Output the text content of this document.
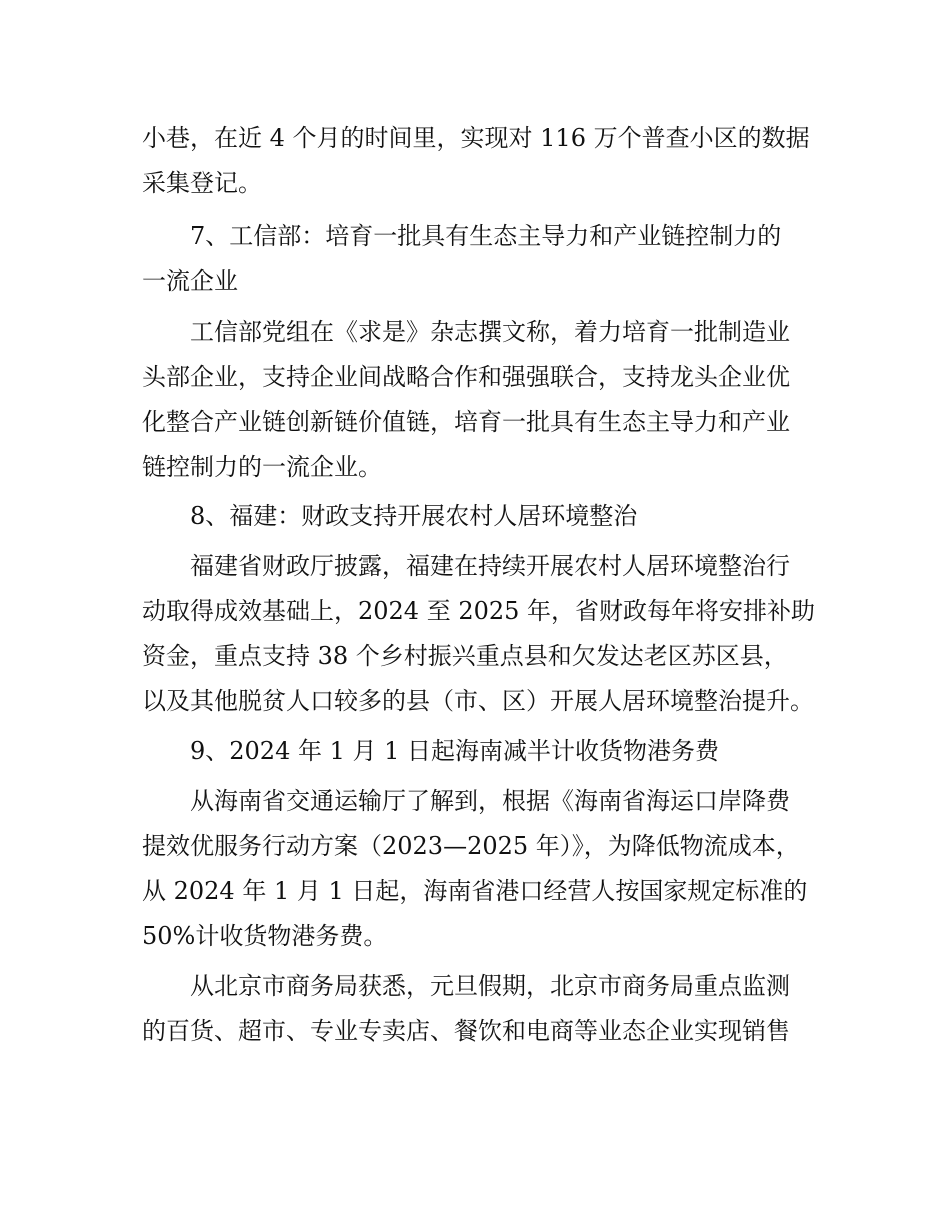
小巷，在近 4 个月的时间里，实现对 116 万个普查小区的数据
采集登记。
7、工信部：培育一批具有生态主导力和产业链控制力的
一流企业
工信部党组在《求是》杂志撰文称，着力培育一批制造业
头部企业，支持企业间战略合作和强强联合，支持龙头企业优
化整合产业链创新链价值链，培育一批具有生态主导力和产业
链控制力的一流企业。
8、福建：财政支持开展农村人居环境整治
福建省财政厅披露，福建在持续开展农村人居环境整治行
动取得成效基础上，2024 至 2025 年，省财政每年将安排补助
资金，重点支持 38 个乡村振兴重点县和欠发达老区苏区县，
以及其他脱贫人口较多的县（市、区）开展人居环境整治提升。
9、2024 年 1 月 1 日起海南减半计收货物港务费
从海南省交通运输厅了解到，根据《海南省海运口岸降费
提效优服务行动方案（2023—2025 年）》，为降低物流成本，
从 2024 年 1 月 1 日起，海南省港口经营人按国家规定标准的
50%计收货物港务费。
从北京市商务局获悉，元旦假期，北京市商务局重点监测
的百货、超市、专业专卖店、餐饮和电商等业态企业实现销售
